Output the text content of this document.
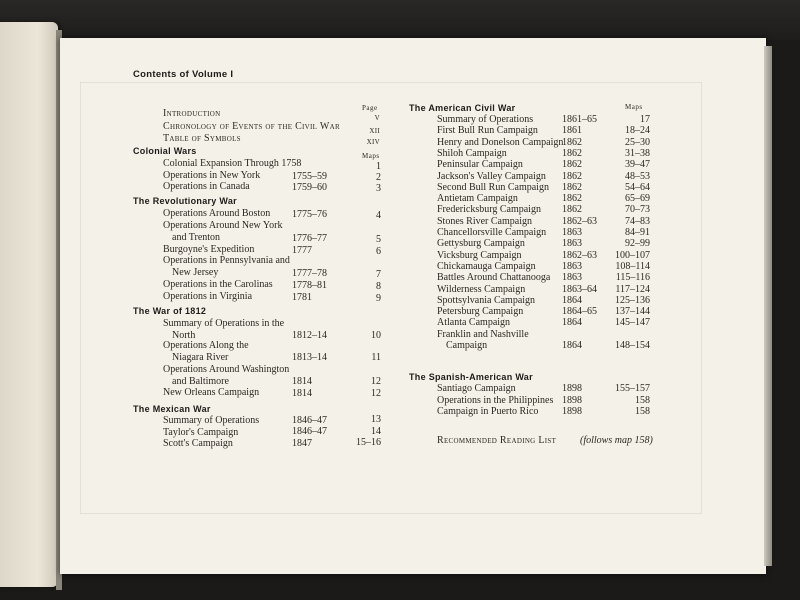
Contents of Volume I
Page
Introduction	v
Chronology of Events of the Civil War	xii
Table of Symbols	xiv
Colonial Wars	Maps
Colonial Expansion Through 1758	1
Operations in New York	1755–59	2
Operations in Canada	1759–60	3
The Revolutionary War
Operations Around Boston 1775–76	4
Operations Around New York
and Trenton	1776–77	5
Burgoyne's Expedition	1777	6
Operations in Pennsylvania and
New Jersey	1777–78	7
Operations in the Carolinas 1778–81	8
Operations in Virginia	1781	9
The War of 1812
Summary of Operations in the
North	1812–14	10
Operations Along the
Niagara River	1813–14	11
Operations Around Washington
and Baltimore	1814	12
New Orleans Campaign	1814	12
The Mexican War
Summary of Operations	1846–47	13
Taylor's Campaign	1846–47	14
Scott's Campaign	1847	15–16
The American Civil War	Maps
Summary of Operations	1861–65	17
First Bull Run Campaign 1861	18–24
Henry and Donelson Campaign
1862	25–30
Shiloh Campaign	1862	31–38
Peninsular Campaign	1862	39–47
Jackson's Valley Campaign 1862	48–53
Second Bull Run Campaign 1862	54–64
Antietam Campaign	1862	65–69
Fredericksburg Campaign 1862	70–73
Stones River Campaign	1862–63	74–83
Chancellorsville Campaign 1863	84–91
Gettysburg Campaign	1863	92–99
Vicksburg Campaign	1862–63	100–107
Chickamauga Campaign	1863	108–114
Battles Around Chattanooga 1863	115–116
Wilderness Campaign	1863–64	117–124
Spottsylvania Campaign	1864	125–136
Petersburg Campaign	1864–65	137–144
Atlanta Campaign	1864	145–147
Franklin and Nashville
Campaign	1864	148–154
The Spanish-American War
Santiago Campaign	1898	155–157
Operations in the Philippines 1898	158
Campaign in Puerto Rico 1898	158
Recommended Reading List (follows map 158)
